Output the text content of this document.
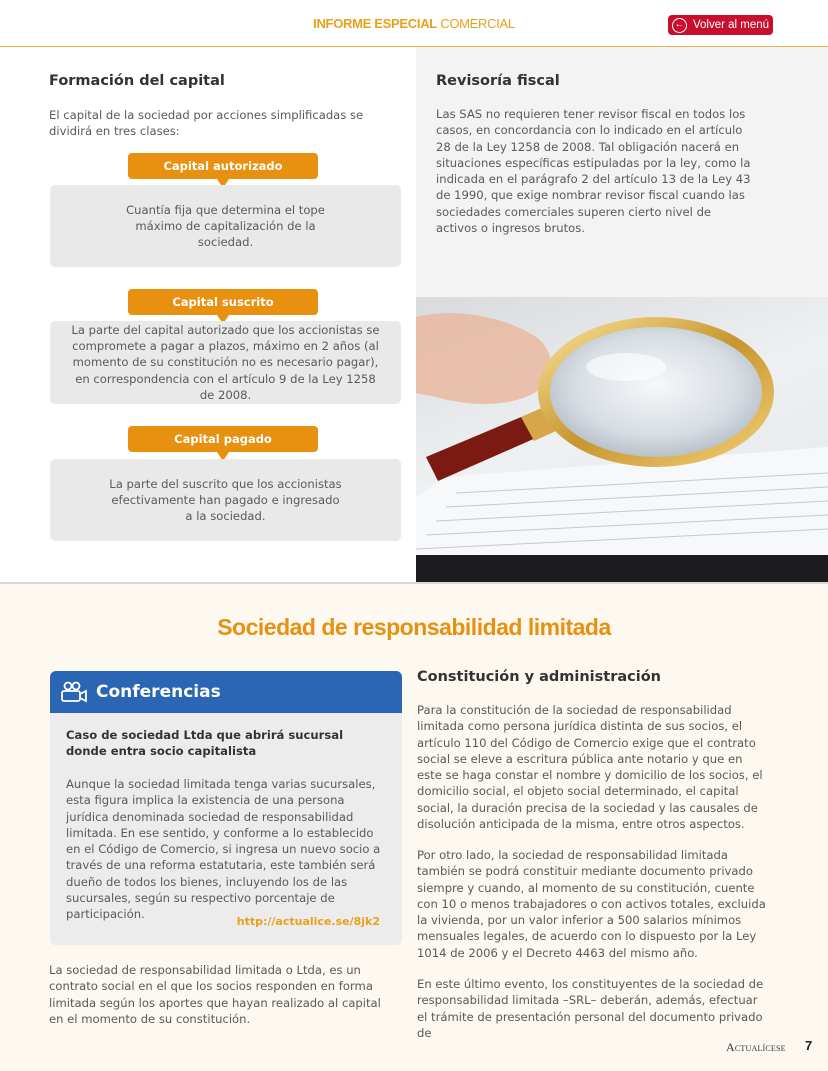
INFORME ESPECIAL COMERCIAL	← Volver al menú
Formación del capital

El capital de la sociedad por acciones simplificadas se dividirá en tres clases:

Capital autorizado
Cuantía fija que determina el tope máximo de capitalización de la sociedad.
Capital suscrito
La parte del capital autorizado que los accionistas se compromete a pagar a plazos, máximo en 2 años (al momento de su constitución no es necesario pagar), en correspondencia con el artículo 9 de la Ley 1258 de 2008.
Capital pagado
La parte del suscrito que los accionistas efectivamente han pagado e ingresado a la sociedad.
Revisoría fiscal

Las SAS no requieren tener revisor fiscal en todos los casos, en concordancia con lo indicado en el artículo 28 de la Ley 1258 de 2008. Tal obligación nacerá en situaciones específicas estipuladas por la ley, como la indicada en el parágrafo 2 del artículo 13 de la Ley 43 de 1990, que exige nombrar revisor fiscal cuando las sociedades comerciales superen cierto nivel de activos o ingresos brutos.

Sociedad de responsabilidad limitada
Conferencias
Caso de sociedad Ltda que abrirá sucursal donde entra socio capitalista

Aunque la sociedad limitada tenga varias sucursales, esta figura implica la existencia de una persona jurídica denominada sociedad de responsabilidad limitada. En ese sentido, y conforme a lo establecido en el Código de Comercio, si ingresa un nuevo socio a través de una reforma estatutaria, este también será dueño de todos los bienes, incluyendo los de las sucursales, según su respectivo porcentaje de participación.

http://actualice.se/8jk2

La sociedad de responsabilidad limitada o Ltda, es un contrato social en el que los socios responden en forma limitada según los aportes que hayan realizado al capital en el momento de su constitución.

Constitución y administración

Para la constitución de la sociedad de responsabilidad limitada como persona jurídica distinta de sus socios, el artículo 110 del Código de Comercio exige que el contrato social se eleve a escritura pública ante notario y que en este se haga constar el nombre y domicilio de los socios, el domicilio social, el objeto social determinado, el capital social, la duración precisa de la sociedad y las causales de disolución anticipada de la misma, entre otros aspectos.

Por otro lado, la sociedad de responsabilidad limitada también se podrá constituir mediante documento privado siempre y cuando, al momento de su constitución, cuente con 10 o menos trabajadores o con activos totales, excluida la vivienda, por un valor inferior a 500 salarios mínimos mensuales legales, de acuerdo con lo dispuesto por la Ley 1014 de 2006 y el Decreto 4463 del mismo año.

En este último evento, los constituyentes de la sociedad de responsabilidad limitada –SRL– deberán, además, efectuar el trámite de presentación personal del documento privado de

Actualícese 7
